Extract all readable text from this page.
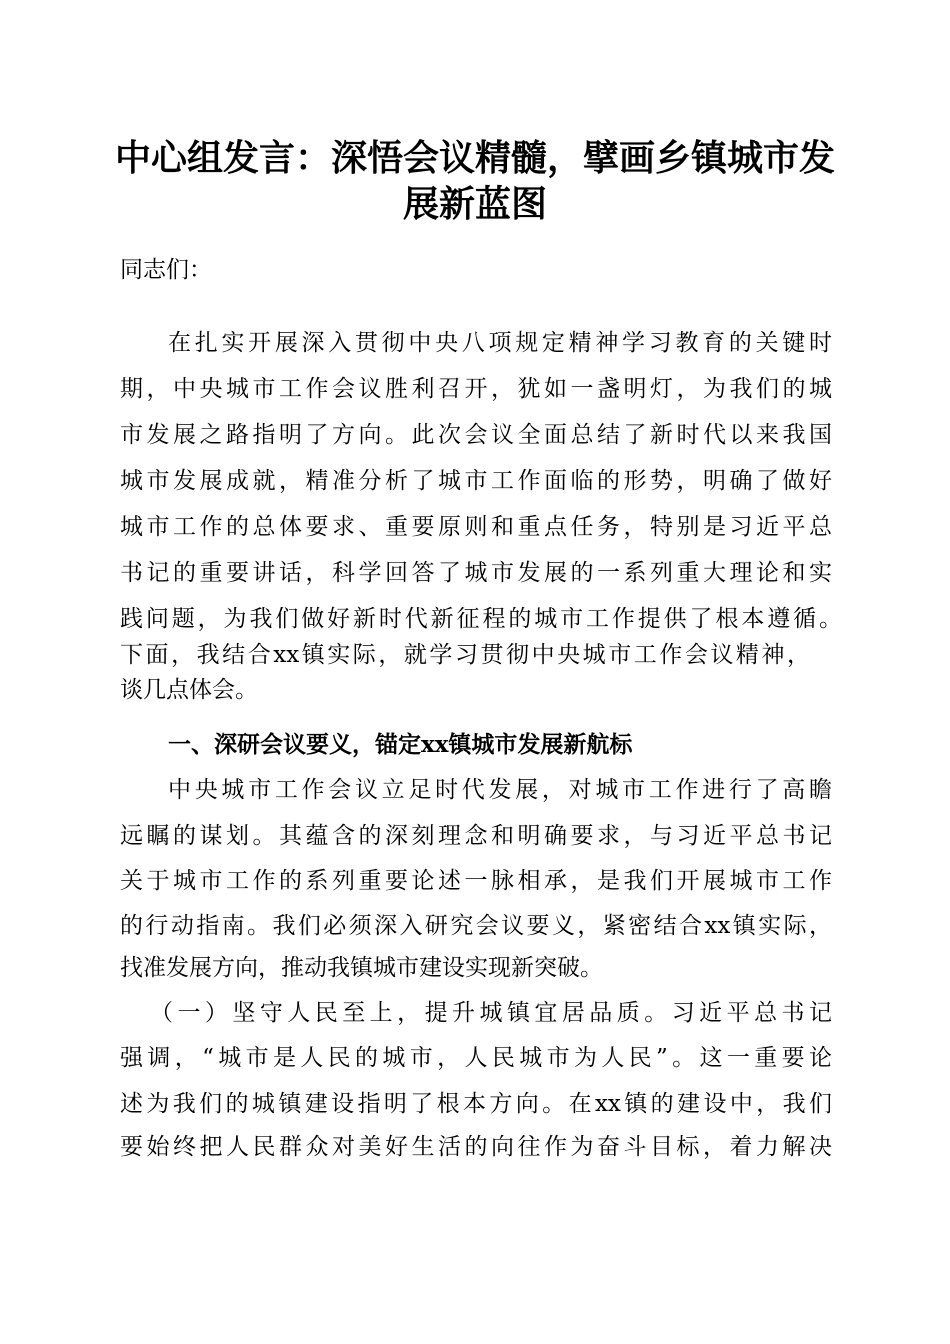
中心组发言：深悟会议精髓，擘画乡镇城市发
展新蓝图
同志们：
在扎实开展深入贯彻中央八项规定精神学习教育的关键时
期，中央城市工作会议胜利召开，犹如一盏明灯，为我们的城
市发展之路指明了方向。此次会议全面总结了新时代以来我国
城市发展成就，精准分析了城市工作面临的形势，明确了做好
城市工作的总体要求、重要原则和重点任务，特别是习近平总
书记的重要讲话，科学回答了城市发展的一系列重大理论和实
践问题，为我们做好新时代新征程的城市工作提供了根本遵循。
下面，我结合xx镇实际，就学习贯彻中央城市工作会议精神，
谈几点体会。
一、深研会议要义，锚定xx镇城市发展新航标
中央城市工作会议立足时代发展，对城市工作进行了高瞻
远瞩的谋划。其蕴含的深刻理念和明确要求，与习近平总书记
关于城市工作的系列重要论述一脉相承，是我们开展城市工作
的行动指南。我们必须深入研究会议要义，紧密结合xx镇实际，
找准发展方向，推动我镇城市建设实现新突破。
（一）坚守人民至上，提升城镇宜居品质。习近平总书记
强调，“城市是人民的城市，人民城市为人民”。这一重要论
述为我们的城镇建设指明了根本方向。在xx镇的建设中，我们
要始终把人民群众对美好生活的向往作为奋斗目标，着力解决
